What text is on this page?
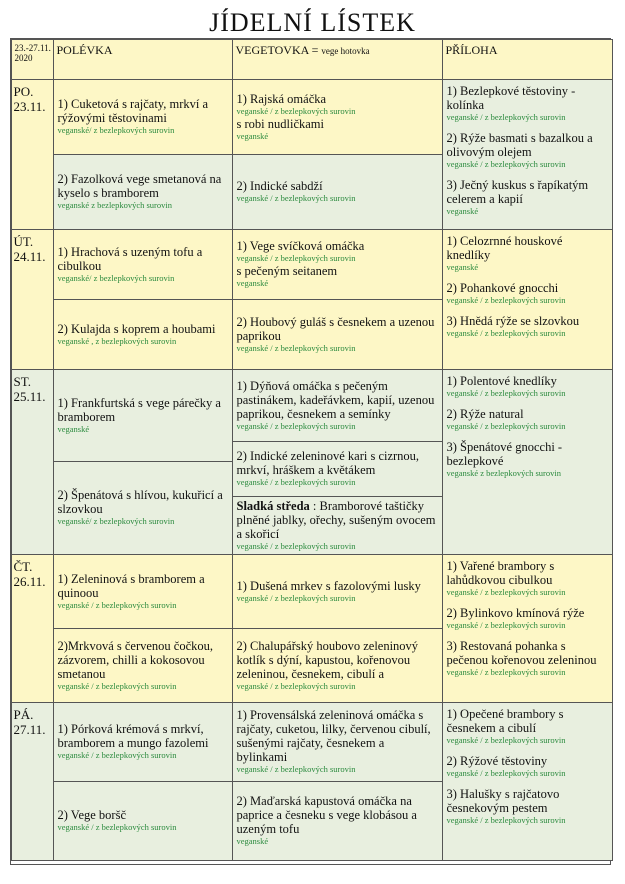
JÍDELNÍ LÍSTEK
23.-27.11. 2020
POLÉVKA	VEGETOVKA = vege hotovka	PŘÍLOHA
PO.
23.11. 1) Cuketová s rajčaty, mrkví a rýžovými těstovinami
veganské/ z bezlepkových surovin
2) Fazolková vege smetanová na kyselo s bramborem
veganské z bezlepkových surovin
1) Rajská omáčka
veganské / z bezlepkových surovin
s robi nudličkami
veganské
2) Indické sabdží
veganské / z bezlepkových surovin
1) Bezlepkové těstoviny - kolínka
veganské / z bezlepkových surovin
2) Rýže basmati s bazalkou a olivovým olejem
veganské / z bezlepkových surovin
3) Ječný kuskus s řapíkatým celerem a kapií
veganské
ÚT.
24.11. 1) Hrachová s uzeným tofu a cibulkou
veganské/ z bezlepkových surovin
2) Kulajda s koprem a houbami
veganské , z bezlepkových surovin
1) Vege svíčková omáčka
veganské / z bezlepkových surovin
s pečeným seitanem
veganské
2) Houbový guláš s česnekem a uzenou paprikou
veganské / z bezlepkových surovin
1) Celozrnné houskové knedlíky
veganské
2) Pohankové gnocchi
veganské / z bezlepkových surovin
3) Hnědá rýže se slzovkou
veganské / z bezlepkových surovin
ST.
25.11. 1) Frankfurtská s vege párečky a bramborem
veganské
2) Špenátová s hlívou, kukuřicí a slzovkou
veganské/ z bezlepkových surovin
1) Dýňová omáčka s pečeným pastinákem, kadeřávkem, kapií, uzenou paprikou, česnekem a semínky
veganské / z bezlepkových surovin
2) Indické zeleninové kari s cizrnou, mrkví, hráškem a květákem
veganské / z bezlepkových surovin
Sladká středa : Bramborové taštičky plněné jablky, ořechy, sušeným ovocem a skořicí
veganské / z bezlepkových surovin
1) Polentové knedlíky
veganské / z bezlepkových surovin
2) Rýže natural
veganské / z bezlepkových surovin
3) Špenátové gnocchi -bezlepkové
veganské z bezlepkových surovin
ČT.
26.11. 1) Zeleninová s bramborem a quinoou
veganské / z bezlepkových surovin
2)Mrkvová s červenou čočkou, zázvorem, chilli a kokosovou smetanou
veganské / z bezlepkových surovin
1) Dušená mrkev s fazolovými lusky
veganské / z bezlepkových surovin
2) Chalupářský houbovo zeleninový kotlík s dýní, kapustou, kořenovou zeleninou, česnekem, cibulí a
veganské / z bezlepkových surovin
1) Vařené brambory s lahůdkovou cibulkou
veganské / z bezlepkových surovin
2) Bylinkovo kmínová rýže
veganské / z bezlepkových surovin
3) Restovaná pohanka s pečenou kořenovou zeleninou
veganské / z bezlepkových surovin
PÁ.
27.11. 1) Pórková krémová s mrkví, bramborem a mungo fazolemi
veganské / z bezlepkových surovin
2) Vege boršč
veganské / z bezlepkových surovin
1) Provensálská zeleninová omáčka s rajčaty, cuketou, lilky, červenou cibulí, sušenými rajčaty, česnekem a bylinkami
veganské / z bezlepkových surovin
2) Maďarská kapustová omáčka na paprice a česneku s vege klobásou a uzeným tofu
veganské
1) Opečené brambory s česnekem a cibulí
veganské / z bezlepkových surovin
2) Rýžové těstoviny
veganské / z bezlepkových surovin
3) Halušky s rajčatovo česnekovým pestem
veganské / z bezlepkových surovin
